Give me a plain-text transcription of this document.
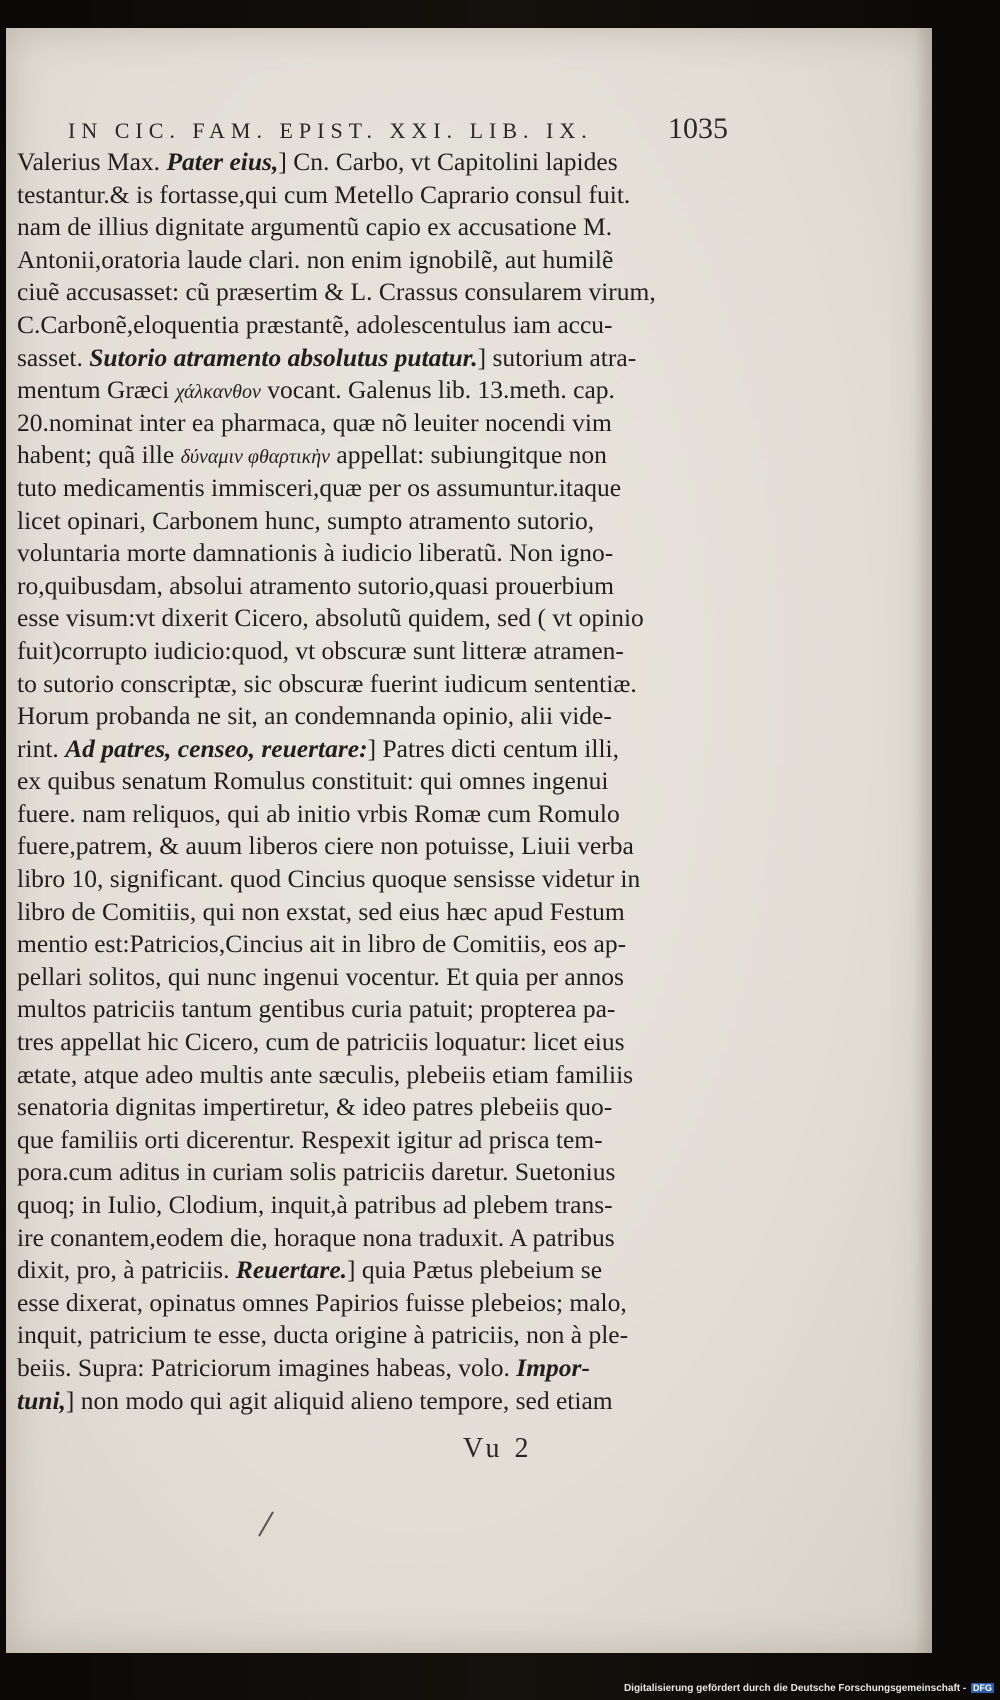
IN CIC. FAM. EPIST. XXI. LIB. IX.	1035
Valerius Max. Pater eius,] Cn. Carbo, vt Capitolini lapides
testantur.& is fortasse,qui cum Metello Caprario consul fuit.
nam de illius dignitate argumentũ capio ex accusatione M.
Antonii,oratoria laude clari. non enim ignobilẽ, aut humilẽ
ciuẽ accusasset: cũ præsertim & L. Crassus consularem virum,
C.Carbonẽ,eloquentia præstantẽ, adolescentulus iam accu-
sasset. Sutorio atramento absolutus putatur.] sutorium atra-
mentum Græci χάλκανθον vocant. Galenus lib. 13.meth. cap.
20.nominat inter ea pharmaca, quæ nõ leuiter nocendi vim
habent; quã ille δύναμιν φθαρτικὴν appellat: subiungitque non
tuto medicamentis immisceri,quæ per os assumuntur.itaque
licet opinari, Carbonem hunc, sumpto atramento sutorio,
voluntaria morte damnationis à iudicio liberatũ. Non igno-
ro,quibusdam, absolui atramento sutorio,quasi prouerbium
esse visum:vt dixerit Cicero, absolutũ quidem, sed ( vt opinio
fuit)corrupto iudicio:quod, vt obscuræ sunt litteræ atramen-
to sutorio conscriptæ, sic obscuræ fuerint iudicum sententiæ.
Horum probanda ne sit, an condemnanda opinio, alii vide-
rint. Ad patres, censeo, reuertare:] Patres dicti centum illi,
ex quibus senatum Romulus constituit: qui omnes ingenui
fuere. nam reliquos, qui ab initio vrbis Romæ cum Romulo
fuere,patrem, & auum liberos ciere non potuisse, Liuii verba
libro 10, significant. quod Cincius quoque sensisse videtur in
libro de Comitiis, qui non exstat, sed eius hæc apud Festum
mentio est:Patricios,Cincius ait in libro de Comitiis, eos ap-
pellari solitos, qui nunc ingenui vocentur. Et quia per annos
multos patriciis tantum gentibus curia patuit; propterea pa-
tres appellat hic Cicero, cum de patriciis loquatur: licet eius
ætate, atque adeo multis ante sæculis, plebeiis etiam familiis
senatoria dignitas impertiretur, & ideo patres plebeiis quo-
que familiis orti dicerentur. Respexit igitur ad prisca tem-
pora.cum aditus in curiam solis patriciis daretur. Suetonius
quoq; in Iulio, Clodium, inquit,à patribus ad plebem trans-
ire conantem,eodem die, horaque nona traduxit. A patribus
dixit, pro, à patriciis. Reuertare.] quia Pætus plebeium se
esse dixerat, opinatus omnes Papirios fuisse plebeios; malo,
inquit, patricium te esse, ducta origine à patriciis, non à ple-
beiis. Supra: Patriciorum imagines habeas, volo. Impor-
tuni,] non modo qui agit aliquid alieno tempore, sed etiam
Vu 2
Digitalisierung gefördert durch die Deutsche Forschungsgemeinschaft - DFG
